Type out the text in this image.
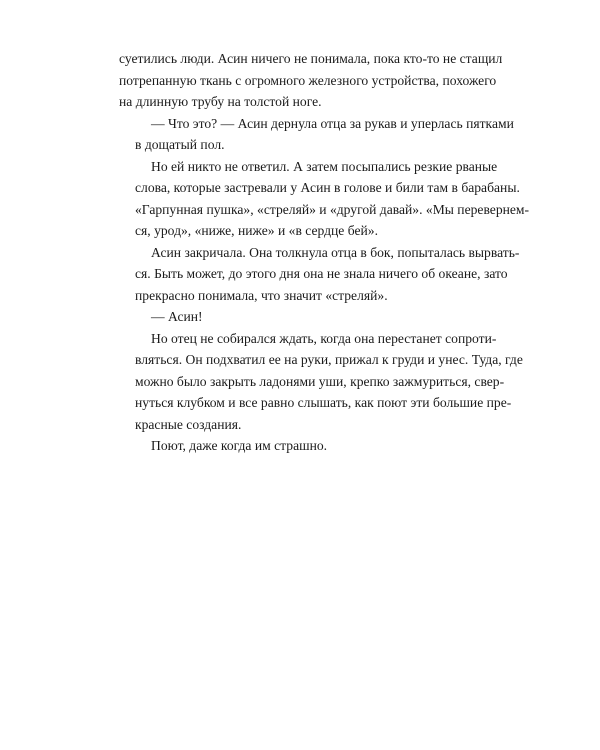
суетились люди. Асин ничего не понимала, пока кто-то не стащил
потрепанную ткань с огромного железного устройства, похожего
на длинную трубу на толстой ноге.
— Что это? — Асин дернула отца за рукав и уперлась пятками
в дощатый пол.
Но ей никто не ответил. А затем посыпались резкие рваные
слова, которые застревали у Асин в голове и били там в барабаны.
«Гарпунная пушка», «стреляй» и «другой давай». «Мы перевернем-
ся, урод», «ниже, ниже» и «в сердце бей».
Асин закричала. Она толкнула отца в бок, попыталась вырвать-
ся. Быть может, до этого дня она не знала ничего об океане, зато
прекрасно понимала, что значит «стреляй».
— Асин!
Но отец не собирался ждать, когда она перестанет сопроти-
вляться. Он подхватил ее на руки, прижал к груди и унес. Туда, где
можно было закрыть ладонями уши, крепко зажмуриться, свер-
нуться клубком и все равно слышать, как поют эти большие пре-
красные создания.
Поют, даже когда им страшно.
